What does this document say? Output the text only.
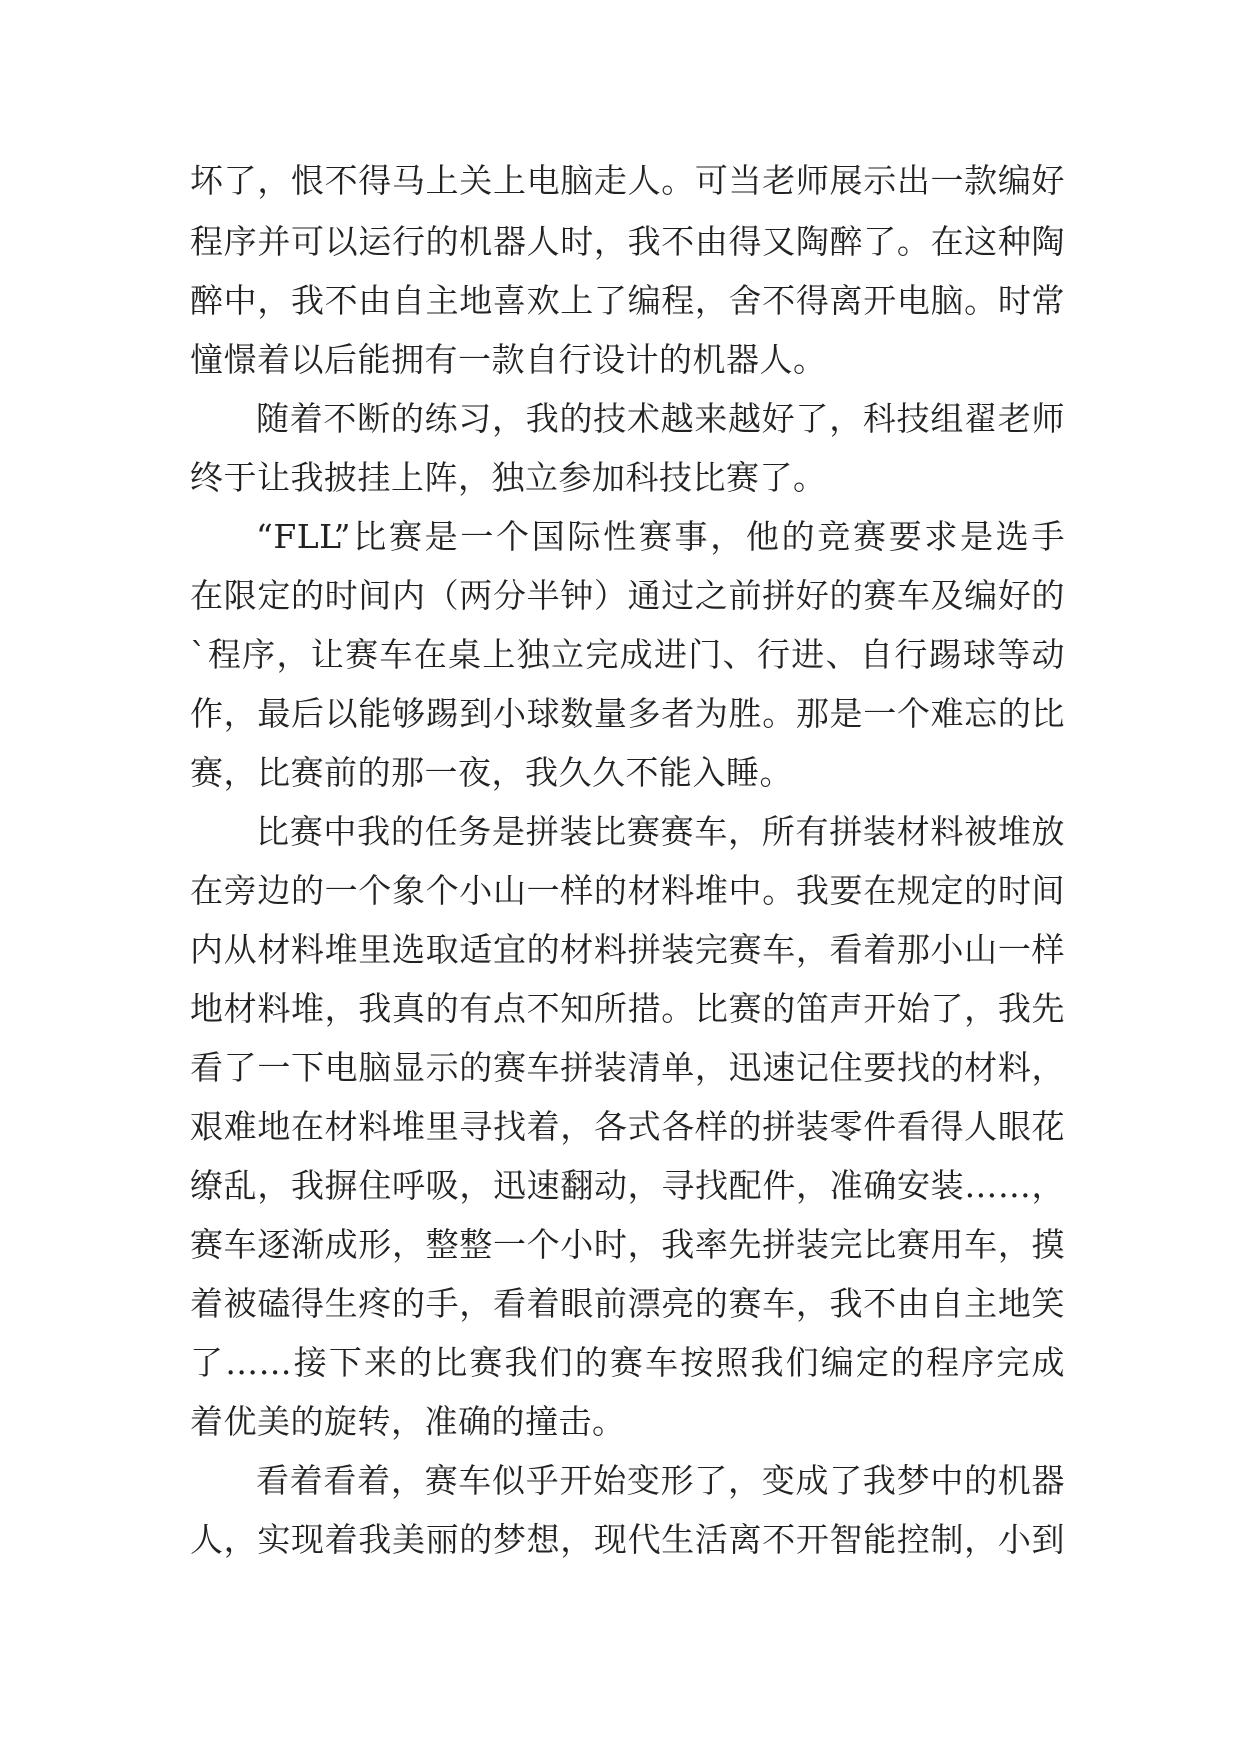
坏了，恨不得马上关上电脑走人。可当老师展示出一款编好
程序并可以运行的机器人时，我不由得又陶醉了。在这种陶
醉中，我不由自主地喜欢上了编程，舍不得离开电脑。时常
憧憬着以后能拥有一款自行设计的机器人。
随着不断的练习，我的技术越来越好了，科技组翟老师
终于让我披挂上阵，独立参加科技比赛了。
“FLL”比赛是一个国际性赛事，他的竞赛要求是选手
在限定的时间内（两分半钟）通过之前拼好的赛车及编好的
`程序，让赛车在桌上独立完成进门、行进、自行踢球等动
作，最后以能够踢到小球数量多者为胜。那是一个难忘的比
赛，比赛前的那一夜，我久久不能入睡。
比赛中我的任务是拼装比赛赛车，所有拼装材料被堆放
在旁边的一个象个小山一样的材料堆中。我要在规定的时间
内从材料堆里选取适宜的材料拼装完赛车，看着那小山一样
地材料堆，我真的有点不知所措。比赛的笛声开始了，我先
看了一下电脑显示的赛车拼装清单，迅速记住要找的材料，
艰难地在材料堆里寻找着，各式各样的拼装零件看得人眼花
缭乱，我摒住呼吸，迅速翻动，寻找配件，准确安装……，
赛车逐渐成形，整整一个小时，我率先拼装完比赛用车，摸
着被磕得生疼的手，看着眼前漂亮的赛车，我不由自主地笑
了……接下来的比赛我们的赛车按照我们编定的程序完成
着优美的旋转，准确的撞击。
看着看着，赛车似乎开始变形了，变成了我梦中的机器
人，实现着我美丽的梦想，现代生活离不开智能控制，小到
